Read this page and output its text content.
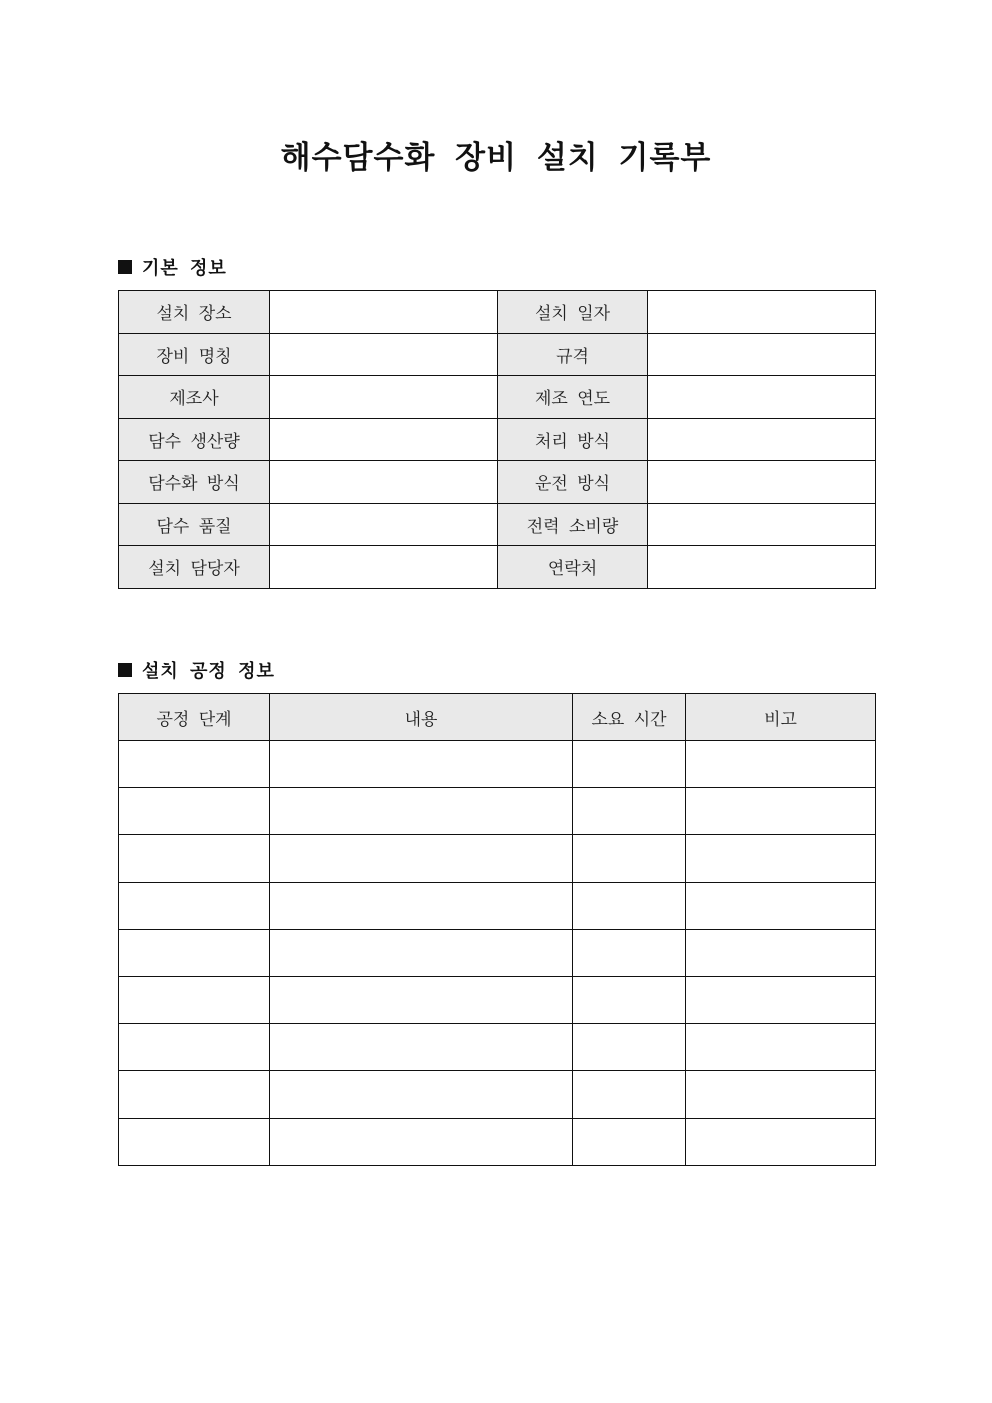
해수담수화 장비 설치 기록부
기본 정보
설치 장소		설치 일자	
장비 명칭		규격	
제조사		제조 연도	
담수 생산량		처리 방식	
담수화 방식		운전 방식	
담수 품질		전력 소비량	
설치 담당자		연락처	
설치 공정 정보
공정 단계	내용	소요 시간	비고
